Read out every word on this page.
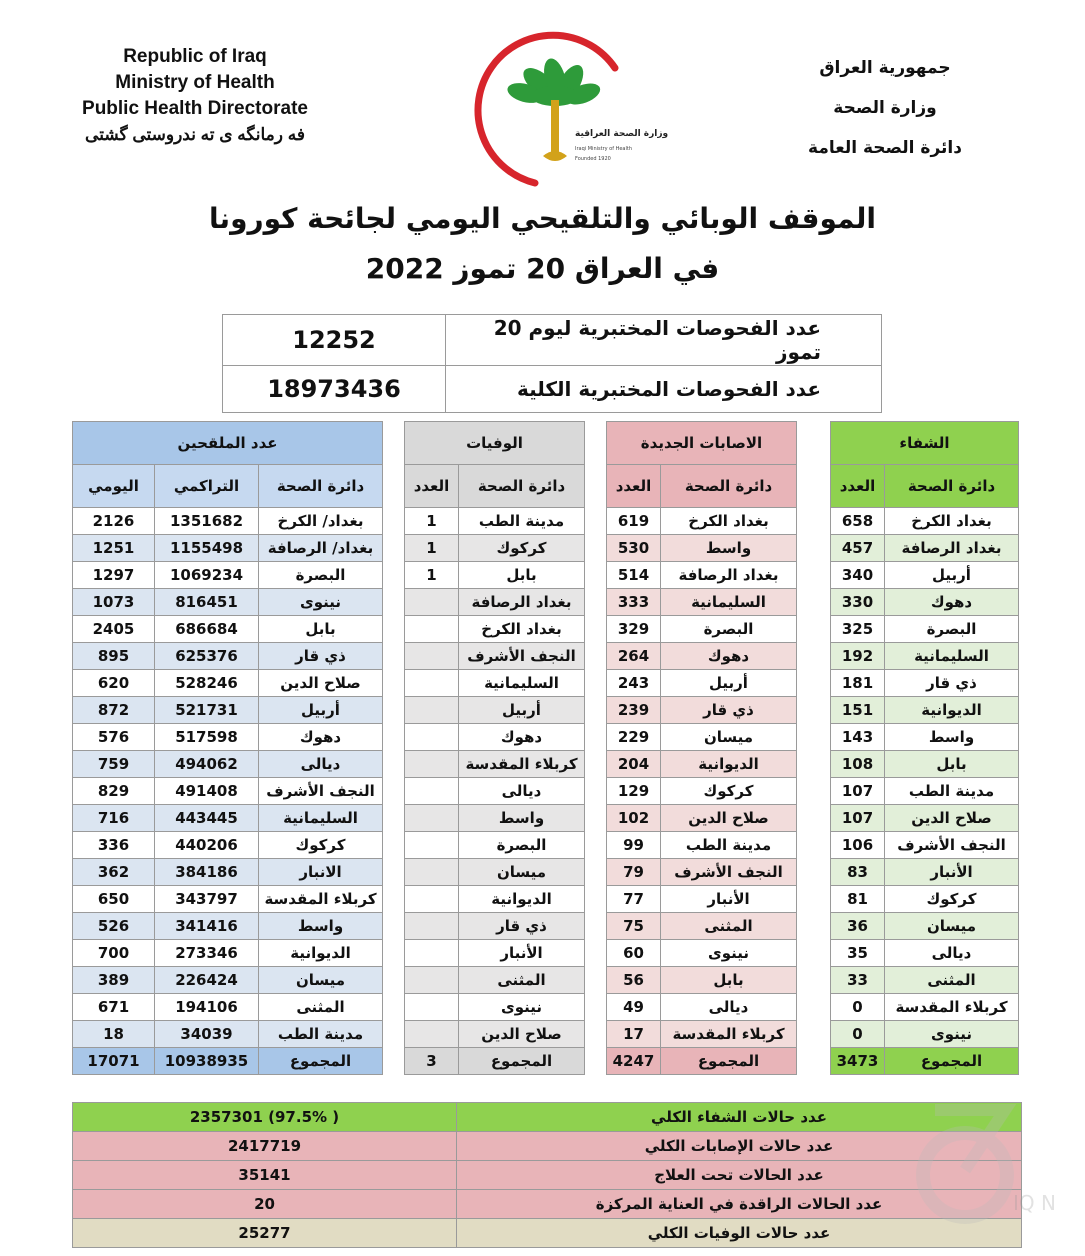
Republic of Iraq
Ministry of Health
Public Health Directorate
فه رمانگه ی ته ندروستی گشتی
جمهورية العراق
وزارة الصحة
دائرة الصحة العامة
وزارة الصحة العراقية
Iraqi Ministry of Health
Founded 1920
الموقف الوبائي والتلقيحي اليومي لجائحة كورونا
في العراق 20 تموز 2022
12252	عدد الفحوصات المختبرية ليوم 20 تموز
18973436	عدد الفحوصات المختبرية الكلية
عدد الملقحين				الوفيات			الاصابات الجديدة			الشفاء	
اليومي	التراكمي	دائرة الصحة		العدد	دائرة الصحة		العدد	دائرة الصحة		العدد	دائرة الصحة
2126	1351682	بغداد/ الكرخ		1	مدينة الطب		619	بغداد الكرخ		658	بغداد الكرخ
1251	1155498	بغداد/ الرصافة		1	كركوك		530	واسط		457	بغداد الرصافة
1297	1069234	البصرة		1	بابل		514	بغداد الرصافة		340	أربيل
1073	816451	نينوى			بغداد الرصافة		333	السليمانية		330	دهوك
2405	686684	بابل			بغداد الكرخ		329	البصرة		325	البصرة
895	625376	ذي قار			النجف الأشرف		264	دهوك		192	السليمانية
620	528246	صلاح الدين			السليمانية		243	أربيل		181	ذي قار
872	521731	أربيل			أربيل		239	ذي قار		151	الديوانية
576	517598	دهوك			دهوك		229	ميسان		143	واسط
759	494062	ديالى			كربلاء المقدسة		204	الديوانية		108	بابل
829	491408	النجف الأشرف			ديالى		129	كركوك		107	مدينة الطب
716	443445	السليمانية			واسط		102	صلاح الدين		107	صلاح الدين
336	440206	كركوك			البصرة		99	مدينة الطب		106	النجف الأشرف
362	384186	الانبار			ميسان		79	النجف الأشرف		83	الأنبار
650	343797	كربلاء المقدسة			الديوانية		77	الأنبار		81	كركوك
526	341416	واسط			ذي قار		75	المثنى		36	ميسان
700	273346	الديوانية			الأنبار		60	نينوى		35	ديالى
389	226424	ميسان			المثنى		56	بابل		33	المثنى
671	194106	المثنى			نينوى		49	ديالى		0	كربلاء المقدسة
18	34039	مدينة الطب			صلاح الدين		17	كربلاء المقدسة		0	نينوى
17071	10938935	المجموع		3	المجموع		4247	المجموع		3473	المجموع
( 97.5%) 2357301	عدد حالات الشفاء الكلي
2417719	عدد حالات الإصابات الكلي
35141	عدد الحالات تحت العلاج
20	عدد الحالات الراقدة في العناية المركزة
25277	عدد حالات الوفيات الكلي
IQ N
